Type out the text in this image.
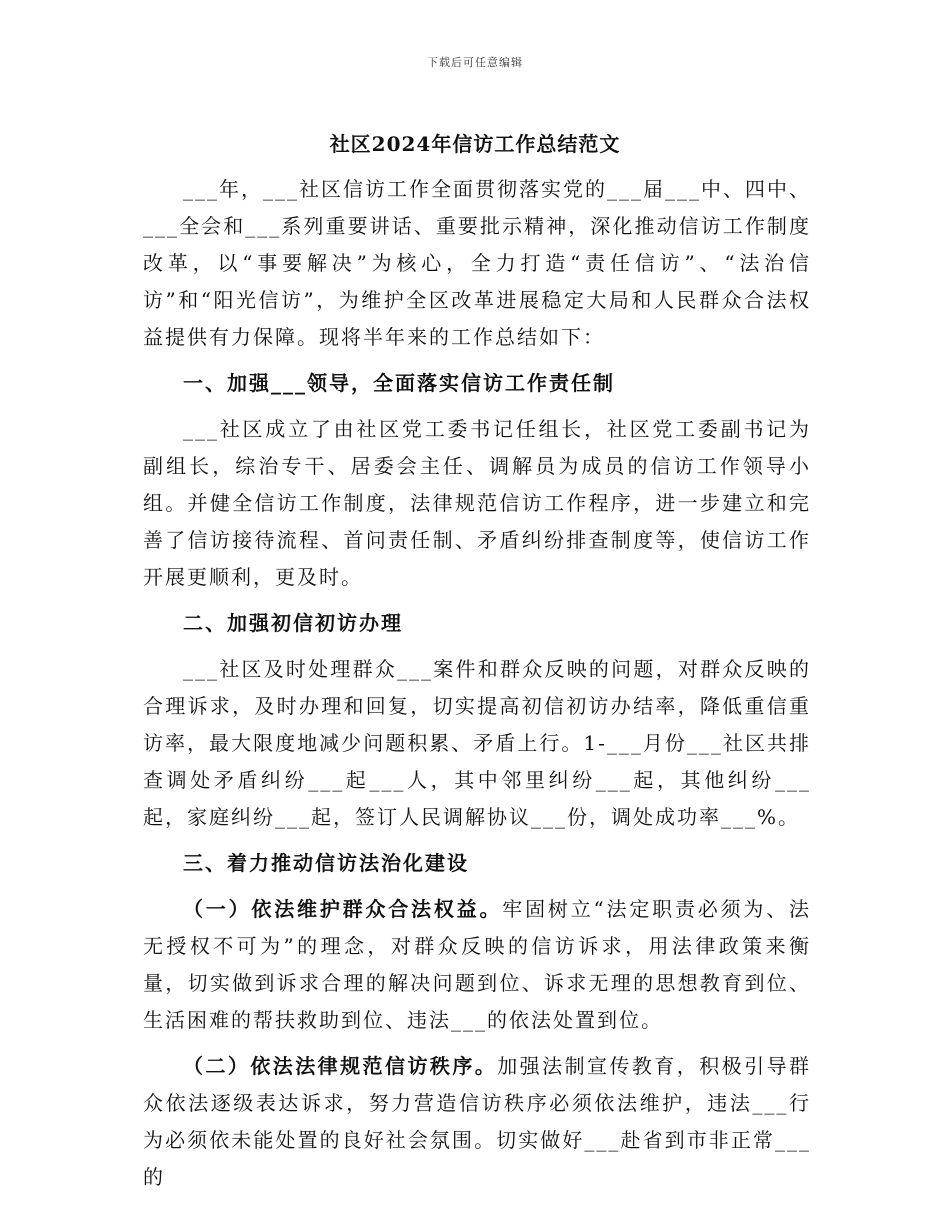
下载后可任意编辑
社区2024年信访工作总结范文

___年，___社区信访工作全面贯彻落实党的___届___中、四中、___全会和___系列重要讲话、重要批示精神，深化推动信访工作制度改革，以“事要解决”为核心，全力打造“责任信访”、“法治信访”和“阳光信访”，为维护全区改革进展稳定大局和人民群众合法权益提供有力保障。现将半年来的工作总结如下：

一、加强___领导，全面落实信访工作责任制

___社区成立了由社区党工委书记任组长，社区党工委副书记为副组长，综治专干、居委会主任、调解员为成员的信访工作领导小组。并健全信访工作制度，法律规范信访工作程序，进一步建立和完善了信访接待流程、首问责任制、矛盾纠纷排查制度等，使信访工作开展更顺利，更及时。

二、加强初信初访办理

___社区及时处理群众___案件和群众反映的问题，对群众反映的合理诉求，及时办理和回复，切实提高初信初访办结率，降低重信重访率，最大限度地减少问题积累、矛盾上行。1-___月份___社区共排查调处矛盾纠纷___起___人，其中邻里纠纷___起，其他纠纷___起，家庭纠纷___起，签订人民调解协议___份，调处成功率___%。

三、着力推动信访法治化建设

（一）依法维护群众合法权益。牢固树立“法定职责必须为、法无授权不可为”的理念，对群众反映的信访诉求，用法律政策来衡量，切实做到诉求合理的解决问题到位、诉求无理的思想教育到位、生活困难的帮扶救助到位、违法___的依法处置到位。

（二）依法法律规范信访秩序。加强法制宣传教育，积极引导群众依法逐级表达诉求，努力营造信访秩序必须依法维护，违法___行为必须依未能处置的良好社会氛围。切实做好___赴省到市非正常___的
